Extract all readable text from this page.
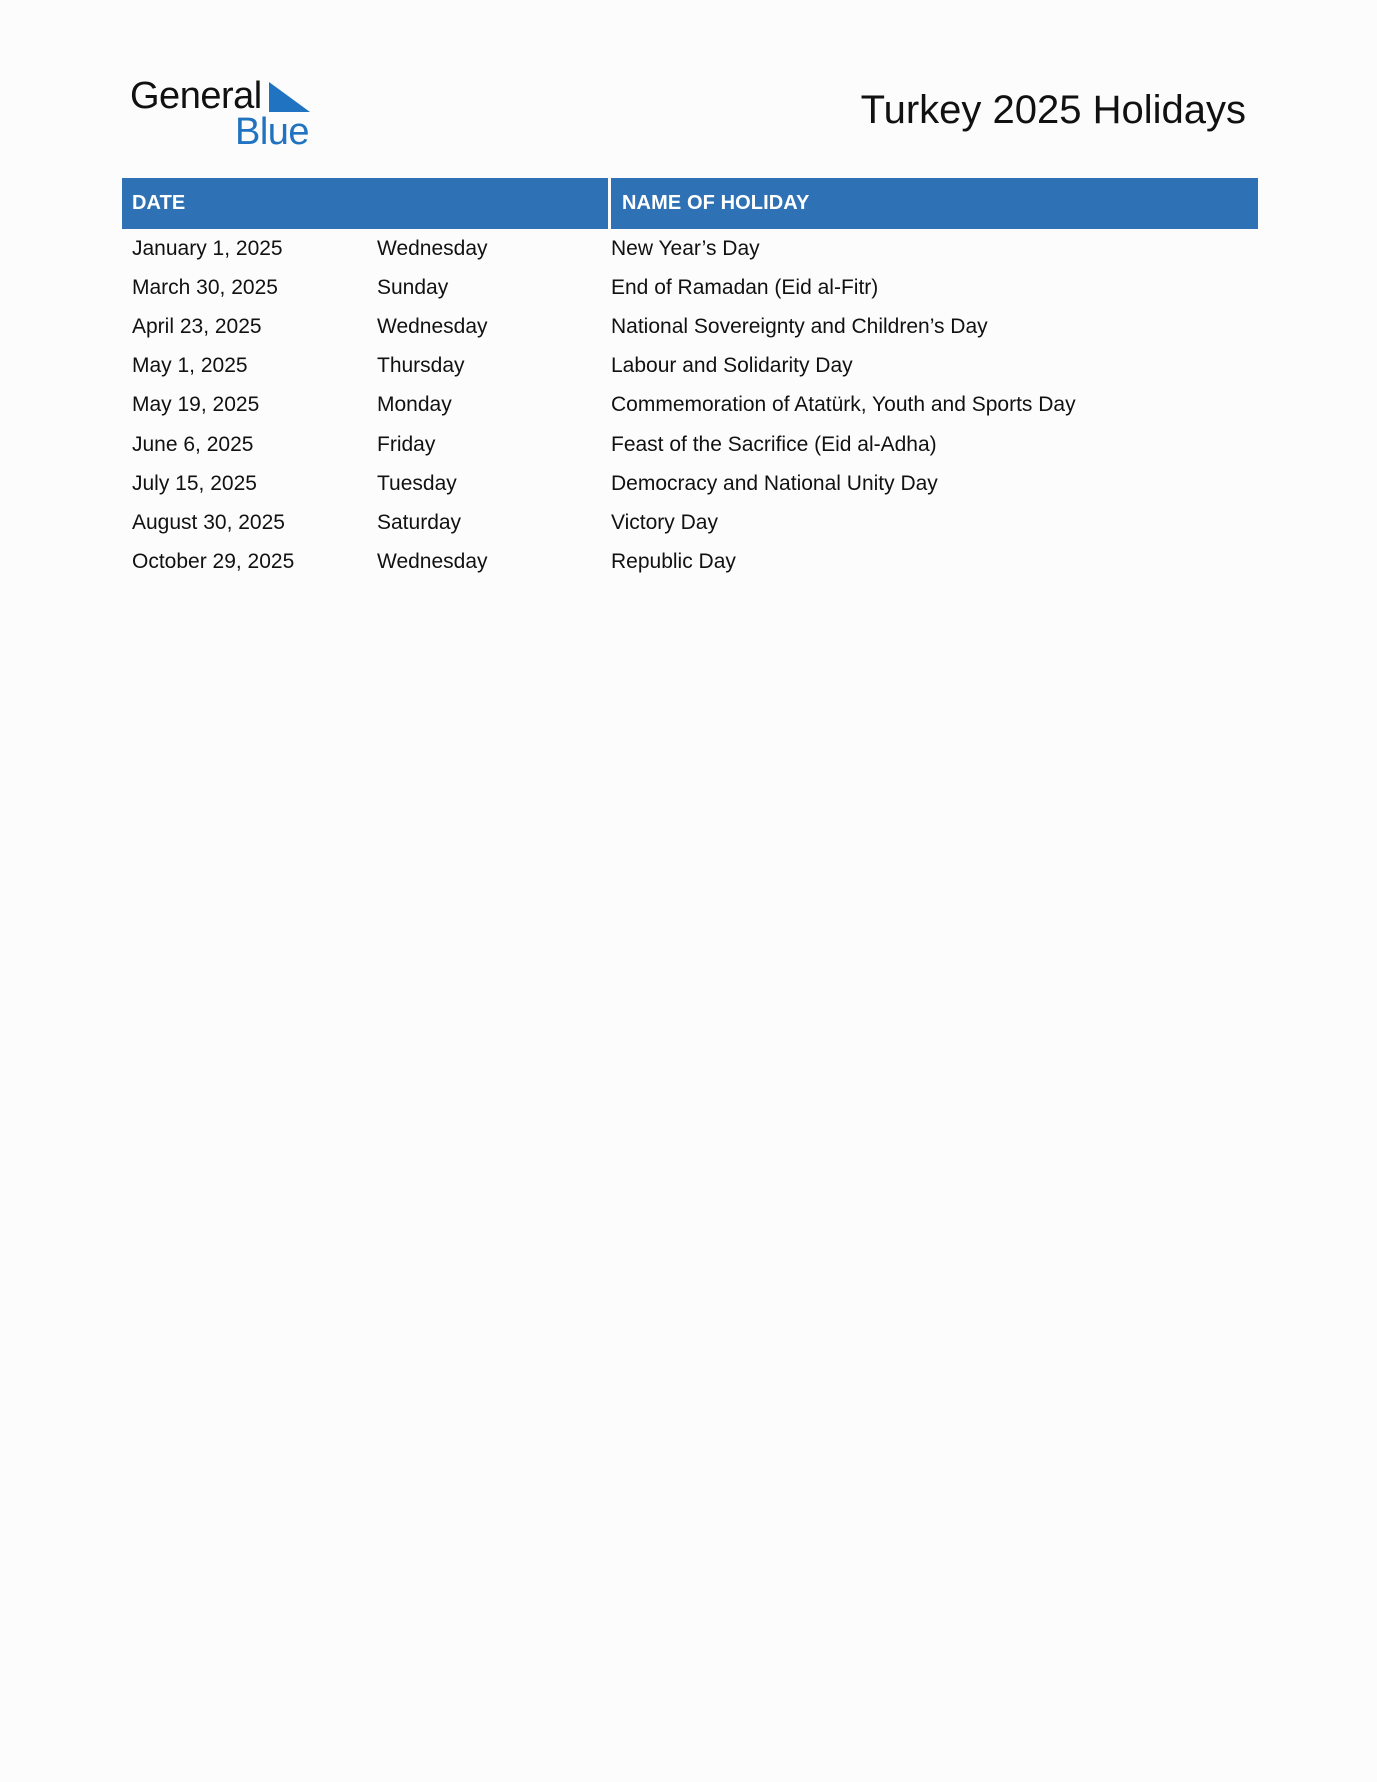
General
Blue	Turkey 2025 Holidays
DATE	NAME OF HOLIDAY
January 1, 2025	Wednesday	New Year’s Day
March 30, 2025	Sunday	End of Ramadan (Eid al-Fitr)
April 23, 2025	Wednesday	National Sovereignty and Children’s Day
May 1, 2025	Thursday	Labour and Solidarity Day
May 19, 2025	Monday	Commemoration of Atatürk, Youth and Sports Day
June 6, 2025	Friday	Feast of the Sacrifice (Eid al-Adha)
July 15, 2025	Tuesday	Democracy and National Unity Day
August 30, 2025	Saturday	Victory Day
October 29, 2025	Wednesday	Republic Day
